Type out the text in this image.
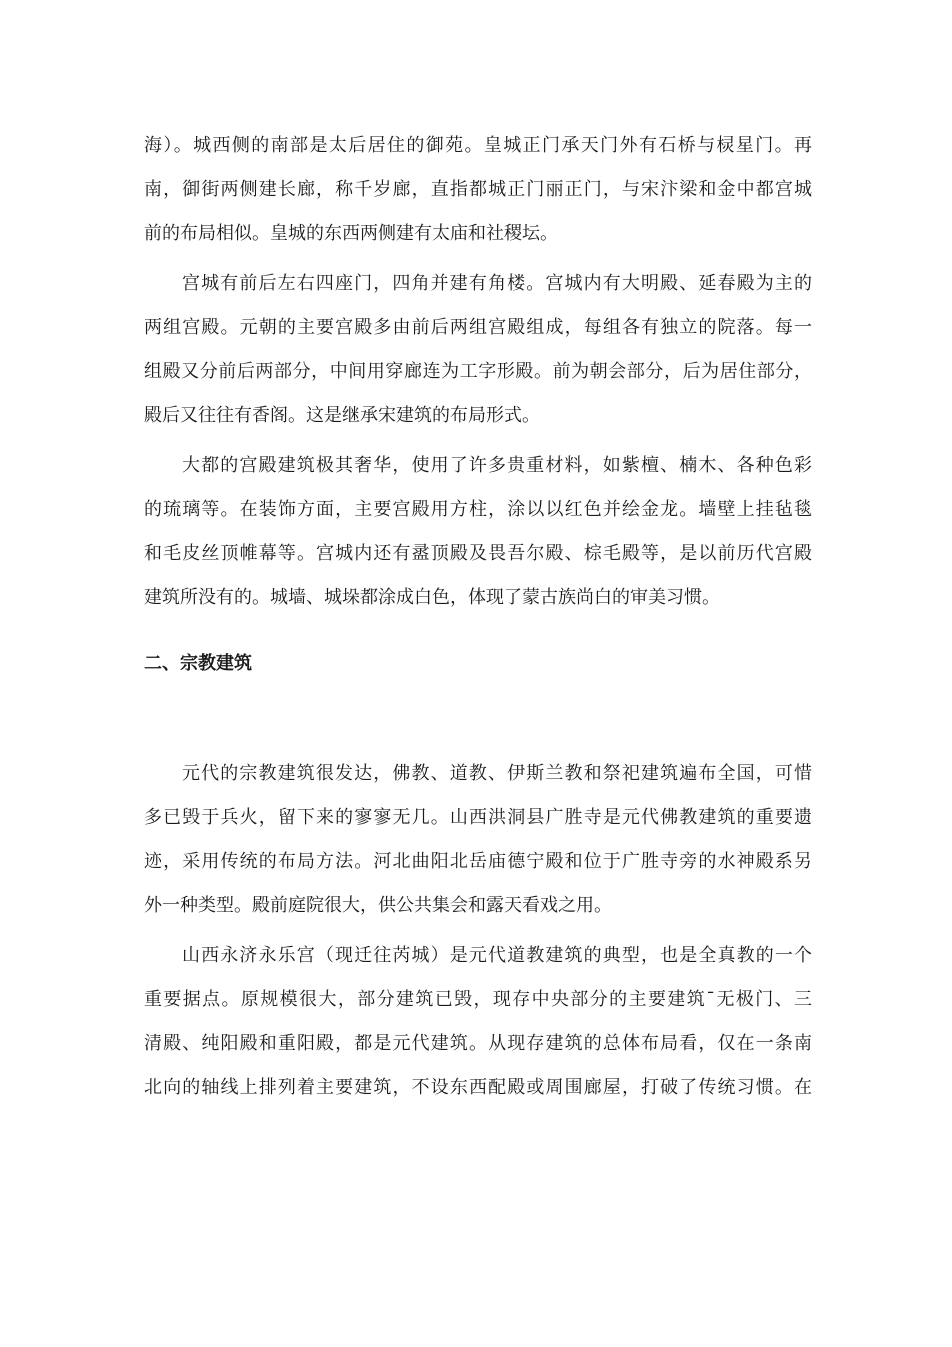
海）。城西侧的南部是太后居住的御苑。皇城正门承天门外有石桥与棂星门。再
南，御街两侧建长廊，称千岁廊，直指都城正门丽正门，与宋汴梁和金中都宫城
前的布局相似。皇城的东西两侧建有太庙和社稷坛。
宫城有前后左右四座门，四角并建有角楼。宫城内有大明殿、延春殿为主的
两组宫殿。元朝的主要宫殿多由前后两组宫殿组成，每组各有独立的院落。每一
组殿又分前后两部分，中间用穿廊连为工字形殿。前为朝会部分，后为居住部分，
殿后又往往有香阁。这是继承宋建筑的布局形式。
大都的宫殿建筑极其奢华，使用了许多贵重材料，如紫檀、楠木、各种色彩
的琉璃等。在装饰方面，主要宫殿用方柱，涂以以红色并绘金龙。墙壁上挂毡毯
和毛皮丝顶帷幕等。宫城内还有盝顶殿及畏吾尔殿、棕毛殿等，是以前历代宫殿
建筑所没有的。城墙、城垛都涂成白色，体现了蒙古族尚白的审美习惯。
二、宗教建筑
元代的宗教建筑很发达，佛教、道教、伊斯兰教和祭祀建筑遍布全国，可惜
多已毁于兵火，留下来的寥寥无几。山西洪洞县广胜寺是元代佛教建筑的重要遗
迹，采用传统的布局方法。河北曲阳北岳庙德宁殿和位于广胜寺旁的水神殿系另
外一种类型。殿前庭院很大，供公共集会和露天看戏之用。
山西永济永乐宫（现迁往芮城）是元代道教建筑的典型，也是全真教的一个
重要据点。原规模很大，部分建筑已毁，现存中央部分的主要建筑¯无极门、三
清殿、纯阳殿和重阳殿，都是元代建筑。从现存建筑的总体布局看，仅在一条南
北向的轴线上排列着主要建筑，不设东西配殿或周围廊屋，打破了传统习惯。在
